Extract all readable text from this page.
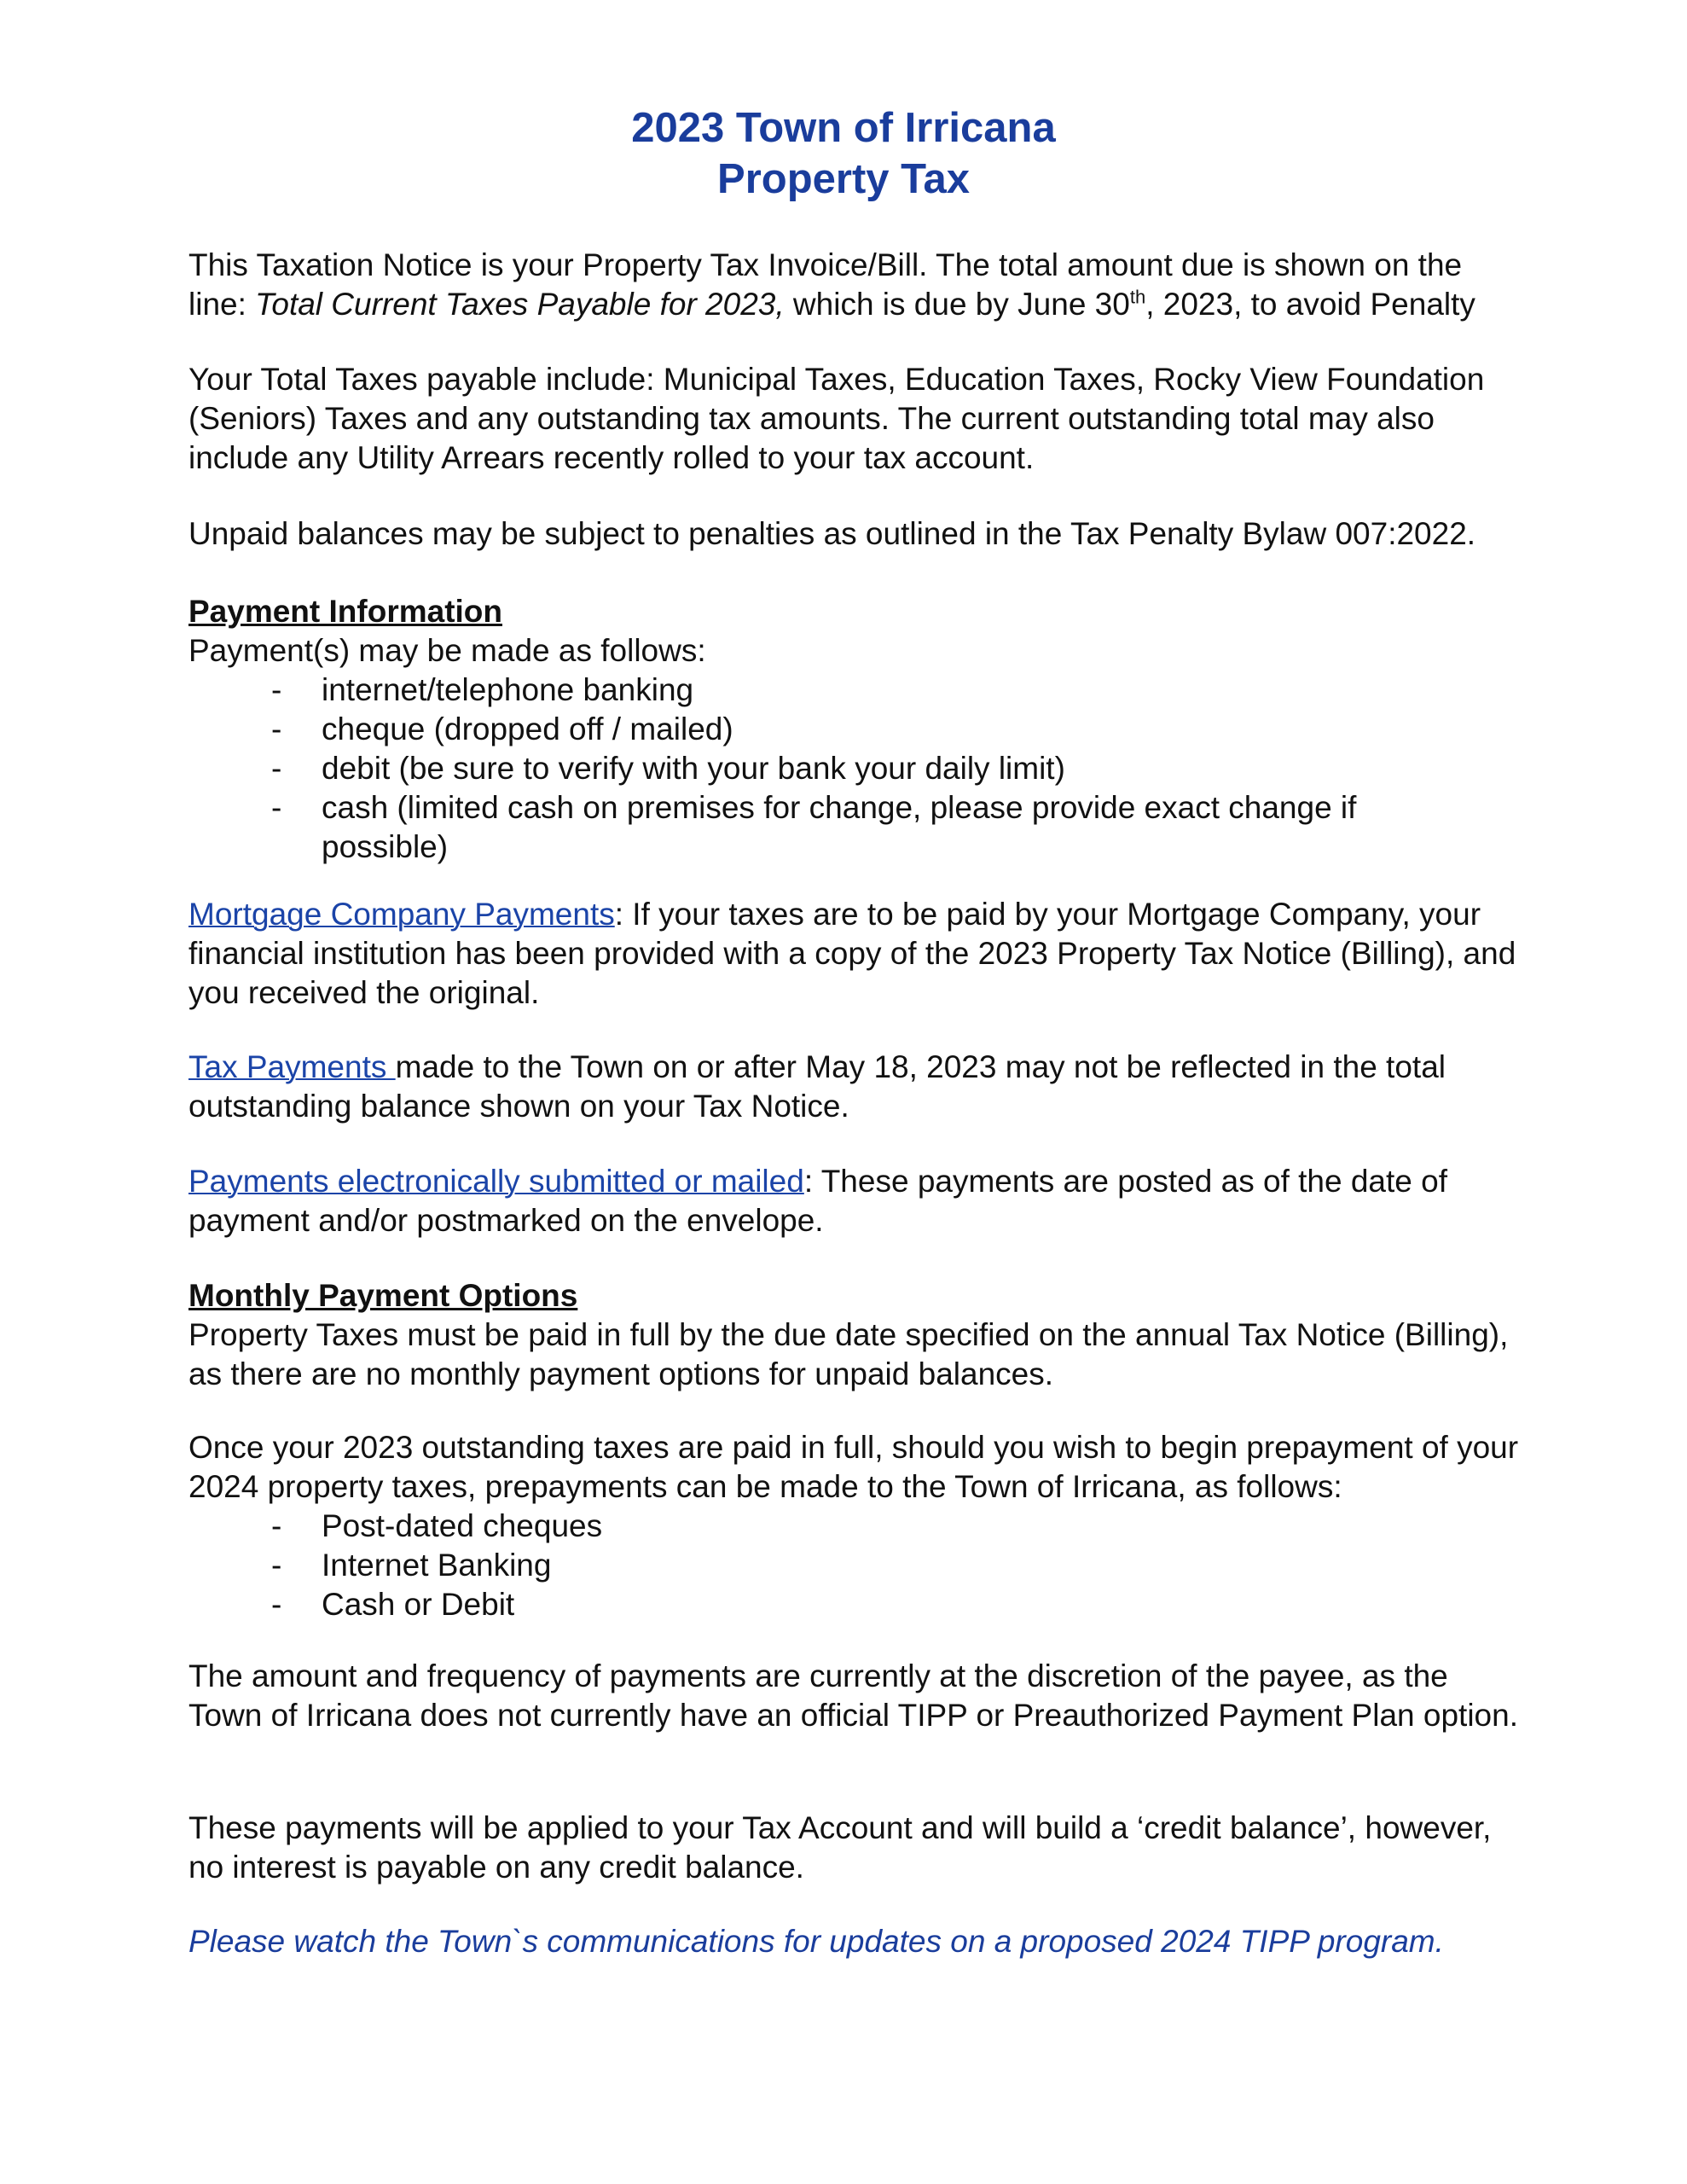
2023 Town of Irricana
Property Tax
This Taxation Notice is your Property Tax Invoice/Bill. The total amount due is shown on the line: Total Current Taxes Payable for 2023, which is due by June 30th, 2023, to avoid Penalty
Your Total Taxes payable include: Municipal Taxes, Education Taxes, Rocky View Foundation (Seniors) Taxes and any outstanding tax amounts. The current outstanding total may also include any Utility Arrears recently rolled to your tax account.
Unpaid balances may be subject to penalties as outlined in the Tax Penalty Bylaw 007:2022.
Payment Information
Payment(s) may be made as follows:
- internet/telephone banking
- cheque (dropped off / mailed)
- debit (be sure to verify with your bank your daily limit)
- cash (limited cash on premises for change, please provide exact change if possible)
Mortgage Company Payments: If your taxes are to be paid by your Mortgage Company, your financial institution has been provided with a copy of the 2023 Property Tax Notice (Billing), and you received the original.
Tax Payments made to the Town on or after May 18, 2023 may not be reflected in the total outstanding balance shown on your Tax Notice.
Payments electronically submitted or mailed: These payments are posted as of the date of payment and/or postmarked on the envelope.
Monthly Payment Options
Property Taxes must be paid in full by the due date specified on the annual Tax Notice (Billing), as there are no monthly payment options for unpaid balances.
Once your 2023 outstanding taxes are paid in full, should you wish to begin prepayment of your 2024 property taxes, prepayments can be made to the Town of Irricana, as follows:
- Post-dated cheques
- Internet Banking
- Cash or Debit
The amount and frequency of payments are currently at the discretion of the payee, as the Town of Irricana does not currently have an official TIPP or Preauthorized Payment Plan option.
These payments will be applied to your Tax Account and will build a ‘credit balance’, however, no interest is payable on any credit balance.
Please watch the Town`s communications for updates on a proposed 2024 TIPP program.
